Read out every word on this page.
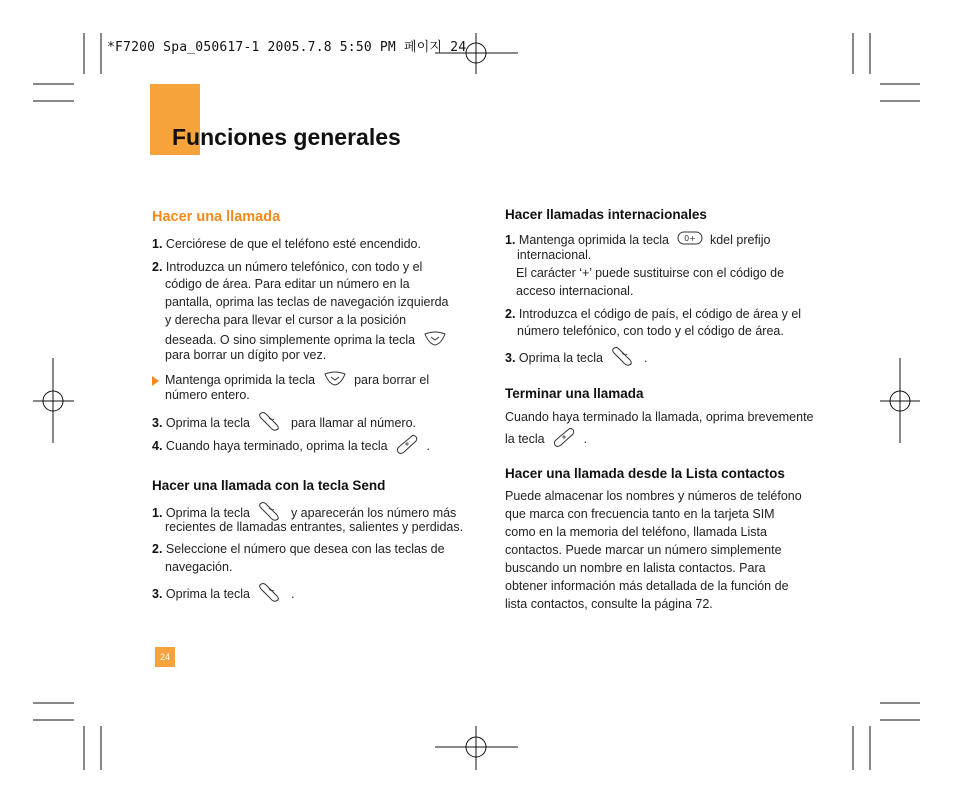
*F7200 Spa_050617-1 2005.7.8 5:50 PM 페이지 24
Funciones generales
Hacer una llamada
1. Cerciórese de que el teléfono esté encendido.
2. Introduzca un número telefónico, con todo y el
código de área. Para editar un número en la
pantalla, oprima las teclas de navegación izquierda
y derecha para llevar el cursor a la posición
deseada. O sino simplemente oprima la tecla
para borrar un dígito por vez.
Mantenga oprimida la tecla	para borrar el
número entero.
3. Oprima la tecla	para llamar al número.
4. Cuando haya terminado, oprima la tecla	.
Hacer una llamada con la tecla Send
1. Oprima la tecla	y aparecerán los número más
recientes de llamadas entrantes, salientes y perdidas.
2. Seleccione el número que desea con las teclas de
navegación.
3. Oprima la tecla	.
Hacer llamadas internacionales
1. Mantenga oprimida la tecla 0+ kdel prefijo
internacional.
El carácter ‘+’ puede sustituirse con el código de
acceso internacional.
2. Introduzca el código de país, el código de área y el
número telefónico, con todo y el código de área.
3. Oprima la tecla	.
Terminar una llamada
Cuando haya terminado la llamada, oprima brevemente
la tecla	.
Hacer una llamada desde la Lista contactos
Puede almacenar los nombres y números de teléfono
que marca con frecuencia tanto en la tarjeta SIM
como en la memoria del teléfono, llamada Lista
contactos. Puede marcar un número simplemente
buscando un nombre en lalista contactos. Para
obtener información más detallada de la función de
lista contactos, consulte la página 72.
24
